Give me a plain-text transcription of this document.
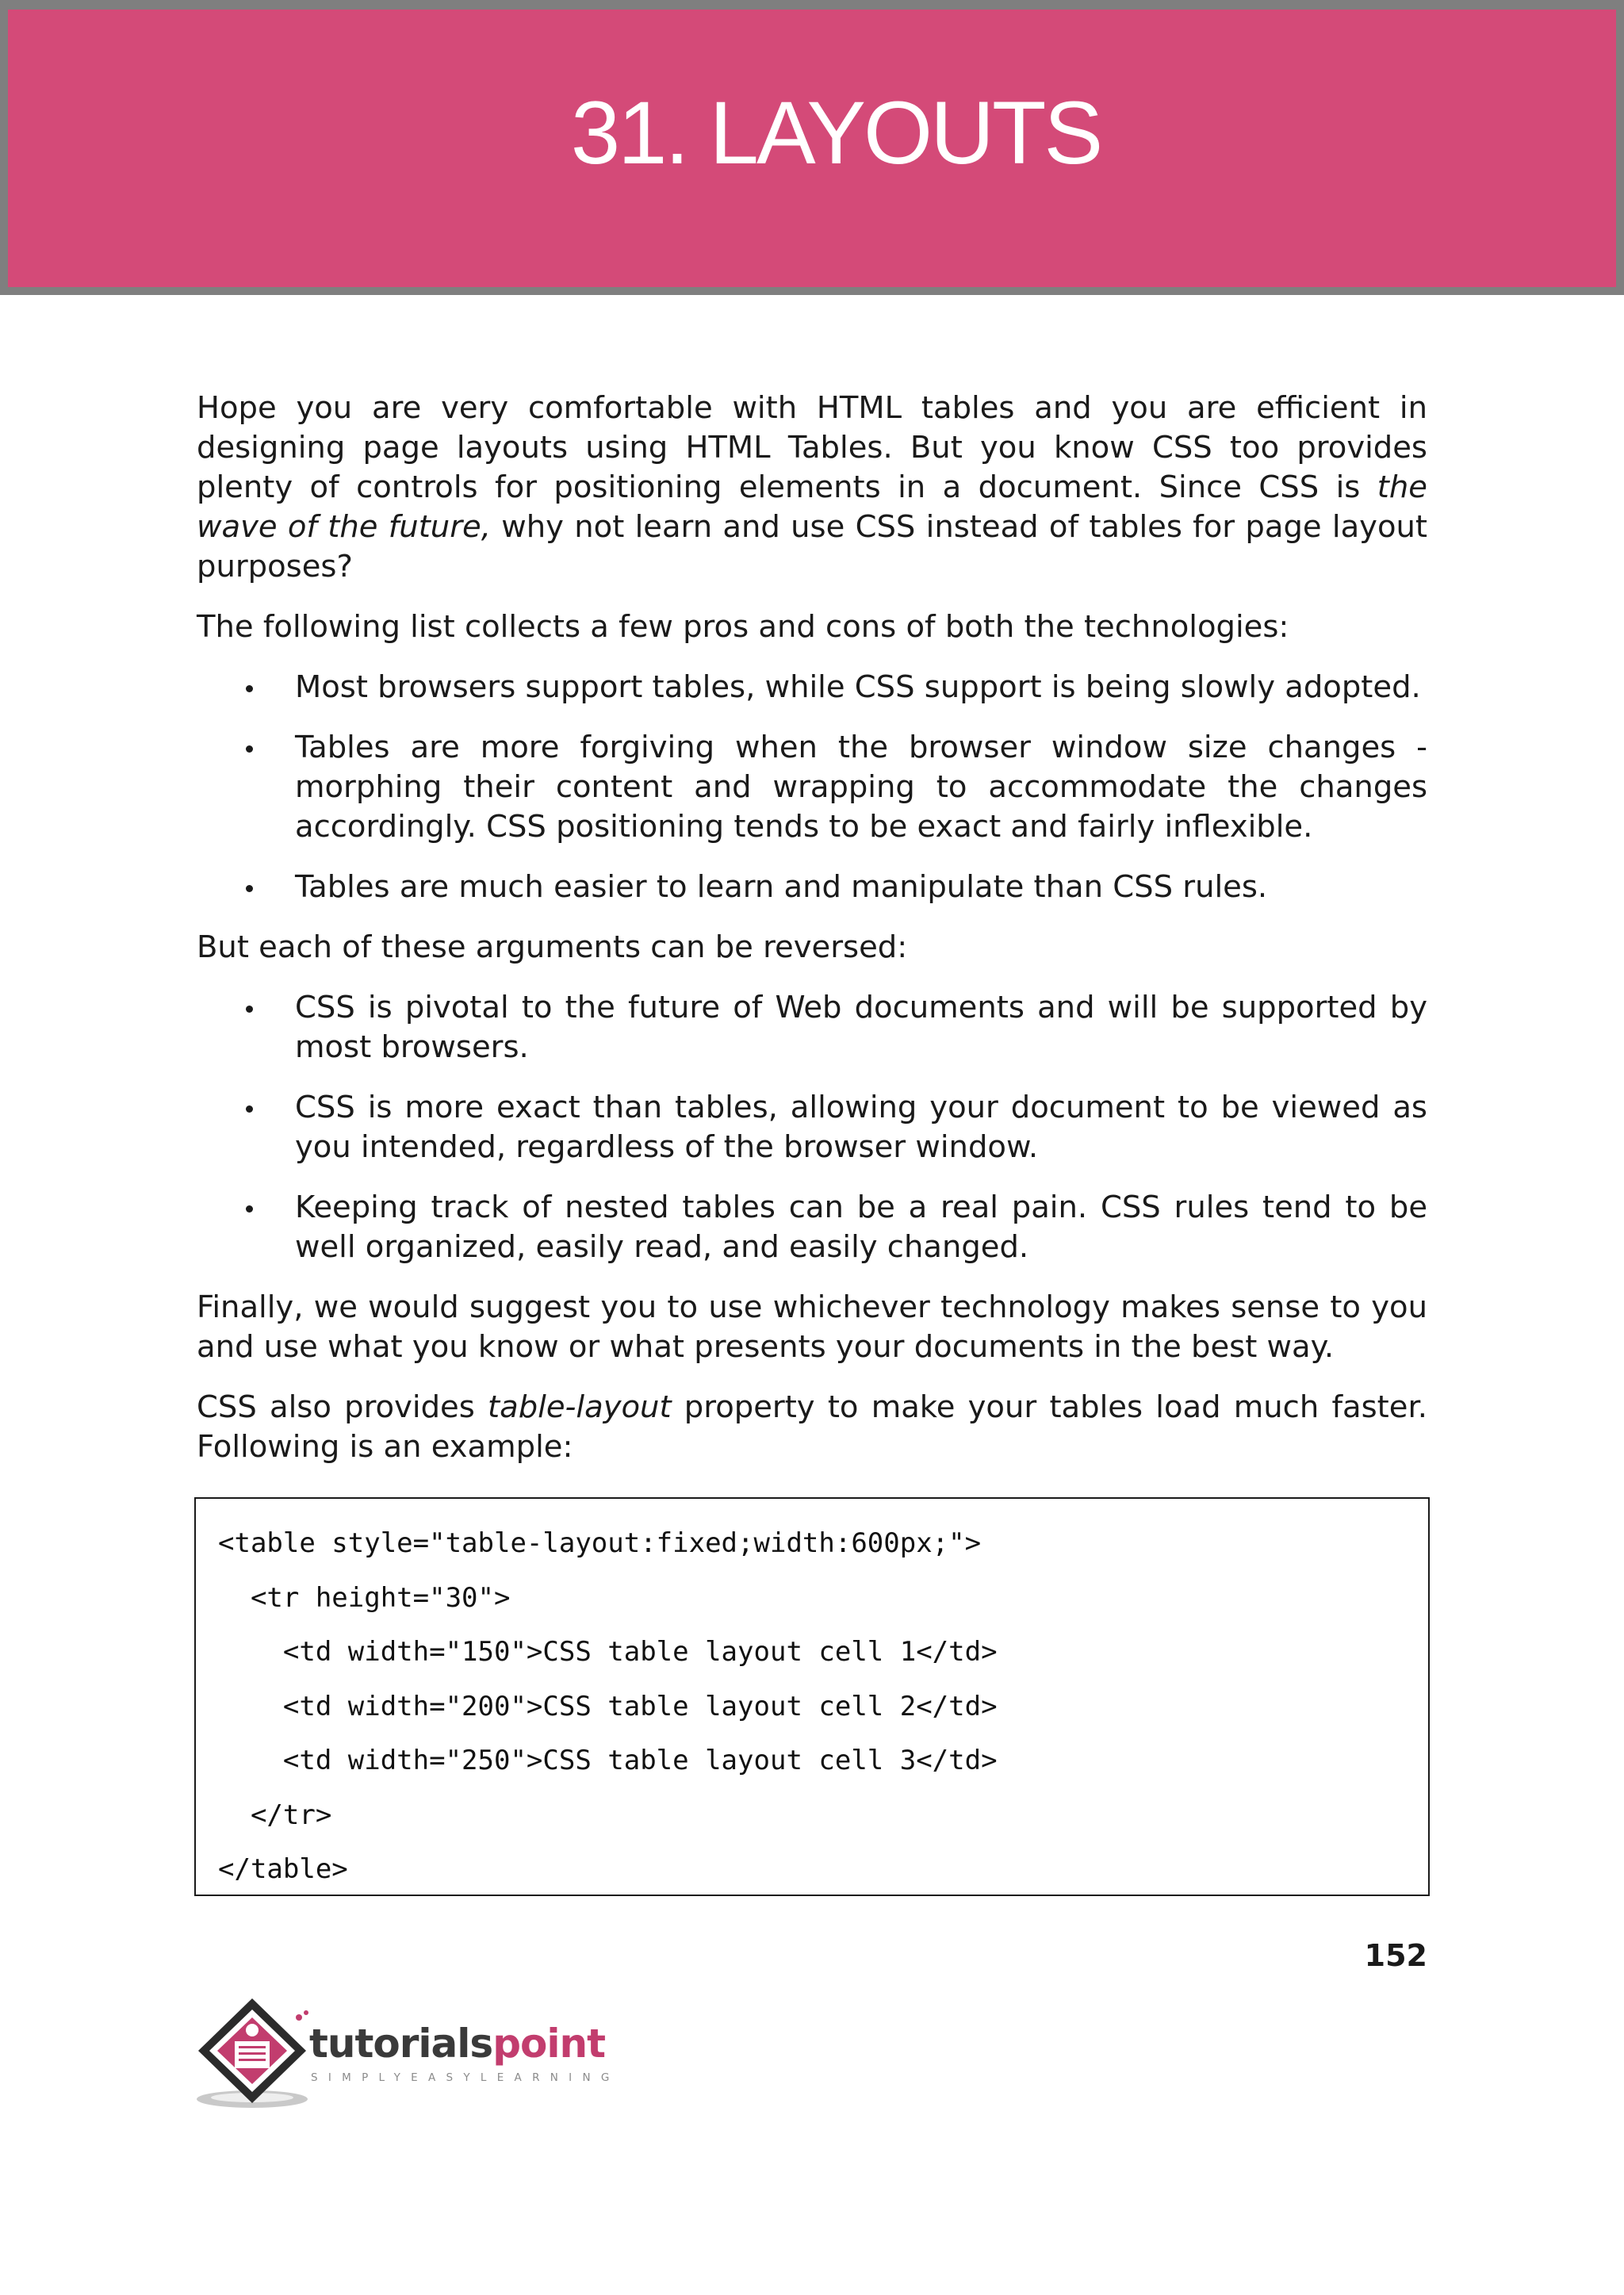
31. LAYOUTS

Hope you are very comfortable with HTML tables and you are efficient in designing page layouts using HTML Tables. But you know CSS too provides plenty of controls for positioning elements in a document. Since CSS is the wave of the future, why not learn and use CSS instead of tables for page layout purposes?

The following list collects a few pros and cons of both the technologies:

Most browsers support tables, while CSS support is being slowly adopted.
Tables are more forgiving when the browser window size changes - morphing their content and wrapping to accommodate the changes accordingly. CSS positioning tends to be exact and fairly inflexible.
Tables are much easier to learn and manipulate than CSS rules.

But each of these arguments can be reversed:

CSS is pivotal to the future of Web documents and will be supported by most browsers.
CSS is more exact than tables, allowing your document to be viewed as you intended, regardless of the browser window.
Keeping track of nested tables can be a real pain. CSS rules tend to be well organized, easily read, and easily changed.

Finally, we would suggest you to use whichever technology makes sense to you and use what you know or what presents your documents in the best way.

CSS also provides table-layout property to make your tables load much faster. Following is an example:

<table style="table-layout:fixed;width:600px;">
<tr height="30">
<td width="150">CSS table layout cell 1</td>
<td width="200">CSS table layout cell 2</td>
<td width="250">CSS table layout cell 3</td>
</tr>
</table>
152
tutorialspoint
SIMPLYEASYLEARNING
